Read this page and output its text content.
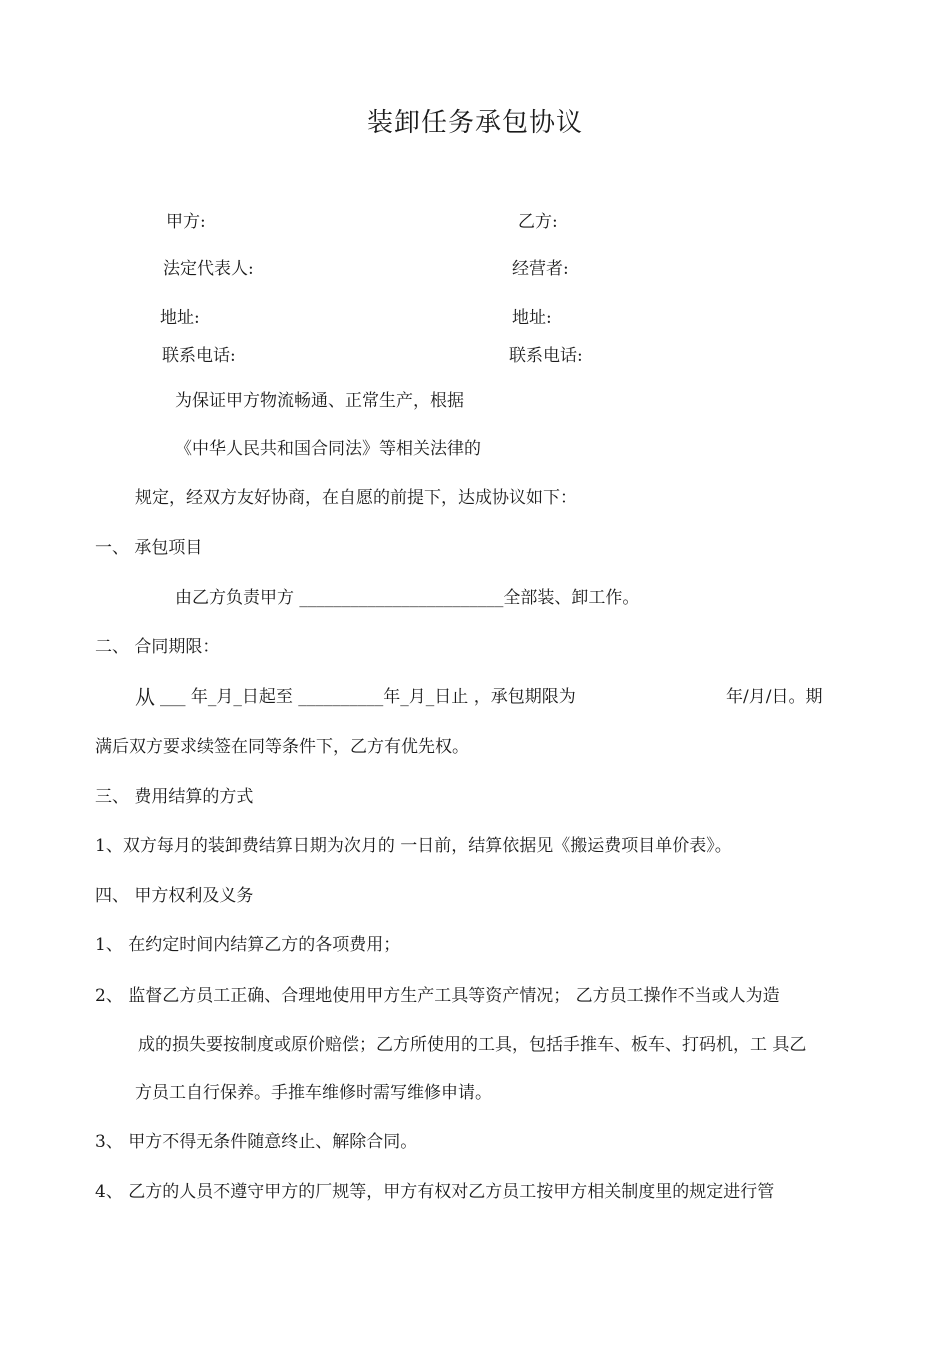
装卸任务承包协议
甲方:	乙方:
法定代表人:	经营者:
地址:	地址:
联系电话:	联系电话:
为保证甲方物流畅通、正常生产，根据
《中华人民共和国合同法》等相关法律的
规定，经双方友好协商，在自愿的前提下，达成协议如下：
一、 承包项目
由乙方负责甲方 ________________________全部装、卸工作。
二、 合同期限：
从 ___ 年_月_日起至 __________年_月_日止 ，承包期限为	年/月/日。期
满后双方要求续签在同等条件下，乙方有优先权。
三、 费用结算的方式
1、双方每月的装卸费结算日期为次月的 一日前，结算依据见《搬运费项目单价表》。
四、 甲方权利及义务
1、 在约定时间内结算乙方的各项费用；
2、 监督乙方员工正确、合理地使用甲方生产工具等资产情况； 乙方员工操作不当或人为造
成的损失要按制度或原价赔偿；乙方所使用的工具，包括手推车、板车、打码机，工 具乙
方员工自行保养。手推车维修时需写维修申请。
3、 甲方不得无条件随意终止、解除合同。
4、 乙方的人员不遵守甲方的厂规等，甲方有权对乙方员工按甲方相关制度里的规定进行管
